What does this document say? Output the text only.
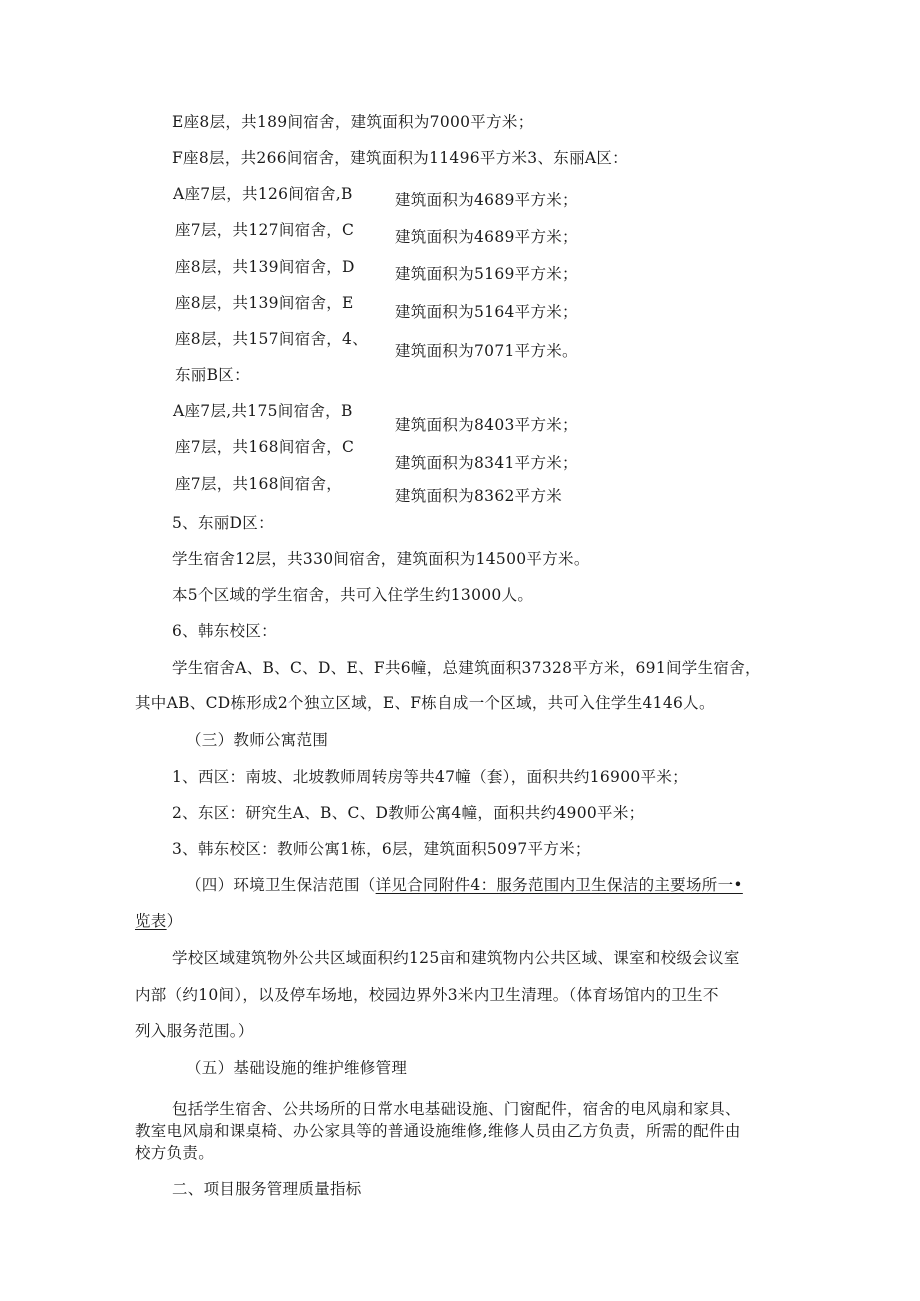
E座8层，共189间宿舍，建筑面积为7000平方米；
F座8层，共266间宿舍，建筑面积为11496平方米3、东丽A区：
A座7层，共126间宿舍,B
座7层，共127间宿舍，C
座8层，共139间宿舍，D
座8层，共139间宿舍，E
座8层，共157间宿舍，4、
东丽B区：
A座7层,共175间宿舍，B
座7层，共168间宿舍，C
座7层，共168间宿舍，
建筑面积为4689平方米；
建筑面积为4689平方米；
建筑面积为5169平方米；
建筑面积为5164平方米；
建筑面积为7071平方米。
建筑面积为8403平方米；
建筑面积为8341平方米；
建筑面积为8362平方米
5、东丽D区：
学生宿舍12层，共330间宿舍，建筑面积为14500平方米。
本5个区域的学生宿舍，共可入住学生约13000人。
6、韩东校区：
学生宿舍A、B、C、D、E、F共6幢，总建筑面积37328平方米，691间学生宿舍，
其中AB、CD栋形成2个独立区域，E、F栋自成一个区域，共可入住学生4146人。
（三）教师公寓范围
1、西区：南坡、北坡教师周转房等共47幢（套），面积共约16900平米；
2、东区：研究生A、B、C、D教师公寓4幢，面积共约4900平米；
3、韩东校区：教师公寓1栋，6层，建筑面积5097平方米；
（四）环境卫生保洁范围（详见合同附件4：服务范围内卫生保洁的主要场所一•
览表）
学校区域建筑物外公共区域面积约125亩和建筑物内公共区域、课室和校级会议室
内部（约10间），以及停车场地，校园边界外3米内卫生清理。（体育场馆内的卫生不
列入服务范围。）
（五）基础设施的维护维修管理
包括学生宿舍、公共场所的日常水电基础设施、门窗配件，宿舍的电风扇和家具、
教室电风扇和课桌椅、办公家具等的普通设施维修,维修人员由乙方负责，所需的配件由
校方负责。
二、项目服务管理质量指标
